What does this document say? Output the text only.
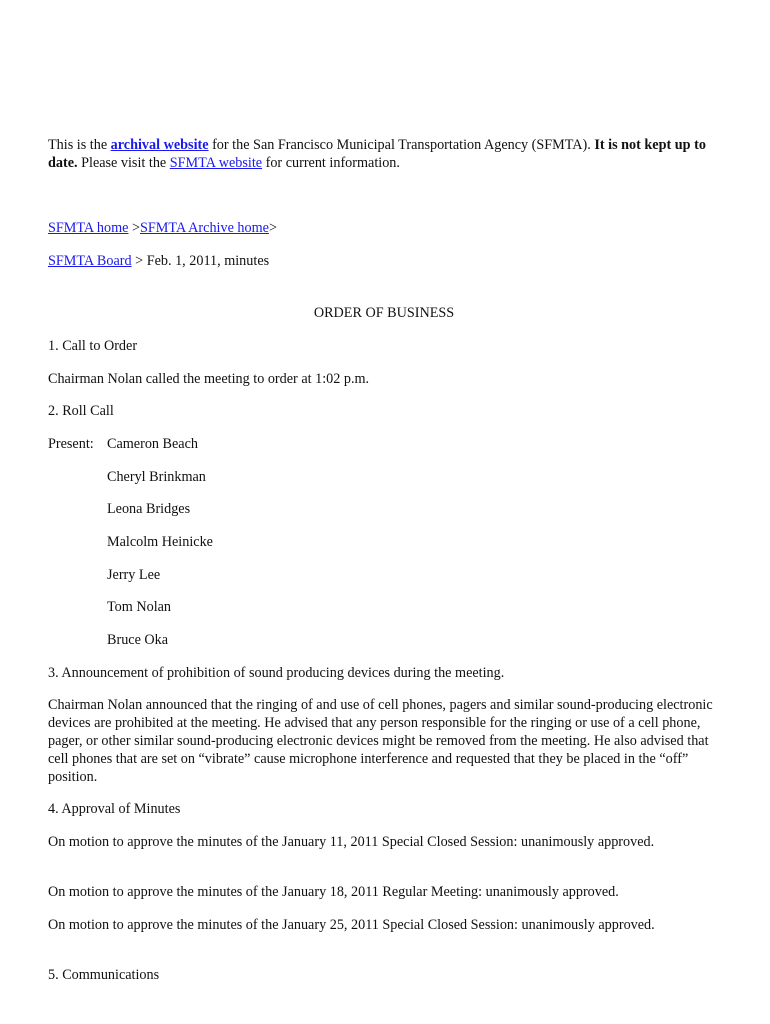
This is the archival website for the San Francisco Municipal Transportation Agency (SFMTA). It is not kept up to date. Please visit the SFMTA website for current information.
SFMTA home >SFMTA Archive home>
SFMTA Board > Feb. 1, 2011, minutes
ORDER OF BUSINESS
1. Call to Order
Chairman Nolan called the meeting to order at 1:02 p.m.
2. Roll Call
Present: Cameron Beach
Cheryl Brinkman
Leona Bridges
Malcolm Heinicke
Jerry Lee
Tom Nolan
Bruce Oka
3. Announcement of prohibition of sound producing devices during the meeting.
Chairman Nolan announced that the ringing of and use of cell phones, pagers and similar sound-producing electronic devices are prohibited at the meeting. He advised that any person responsible for the ringing or use of a cell phone, pager, or other similar sound-producing electronic devices might be removed from the meeting. He also advised that cell phones that are set on “vibrate” cause microphone interference and requested that they be placed in the “off” position.
4. Approval of Minutes
On motion to approve the minutes of the January 11, 2011 Special Closed Session: unanimously approved.
On motion to approve the minutes of the January 18, 2011 Regular Meeting: unanimously approved.
On motion to approve the minutes of the January 25, 2011 Special Closed Session: unanimously approved.
5. Communications
